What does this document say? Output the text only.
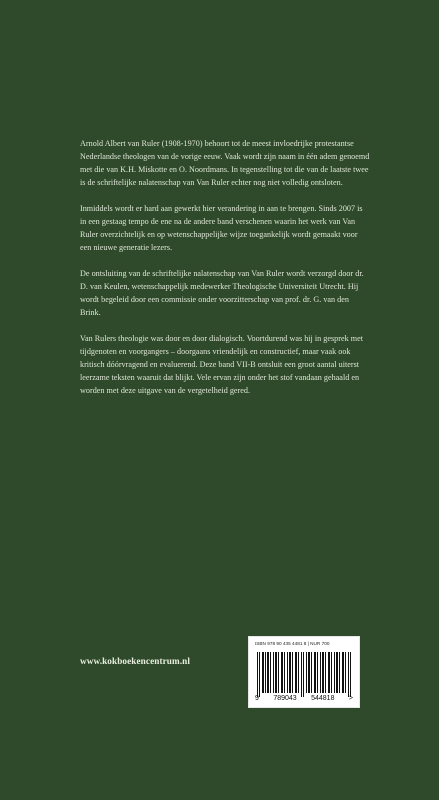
Arnold Albert van Ruler (1908-1970) behoort tot de meest invloedrijke protestantse Nederlandse theologen van de vorige eeuw. Vaak wordt zijn naam in één adem genoemd met die van K.H. Miskotte en O. Noordmans. In tegenstelling tot die van de laatste twee is de schriftelijke nalatenschap van Van Ruler echter nog niet volledig ontsloten.

Inmiddels wordt er hard aan gewerkt hier verandering in aan te brengen. Sinds 2007 is in een gestaag tempo de ene na de andere band verschenen waarin het werk van Van Ruler overzichtelijk en op wetenschappelijke wijze toegankelijk wordt gemaakt voor een nieuwe generatie lezers.

De ontsluiting van de schriftelijke nalatenschap van Van Ruler wordt verzorgd door dr. D. van Keulen, wetenschappelijk medewerker Theologische Universiteit Utrecht. Hij wordt begeleid door een commissie onder voorzitterschap van prof. dr. G. van den Brink.

Van Rulers theologie was door en door dialogisch. Voortdurend was hij in gesprek met tijdgenoten en voorgangers – doorgaans vriendelijk en constructief, maar vaak ook kritisch dóórvragend en evaluerend. Deze band VII-B ontsluit een groot aantal uiterst leerzame teksten waaruit dat blijkt. Vele ervan zijn onder het stof vandaan gehaald en worden met deze uitgave van de vergetelheid gered.

www.kokboekencentrum.nl
ISBN 978 90 435 4481 8 | NUR 700
9 789043 544818 >
